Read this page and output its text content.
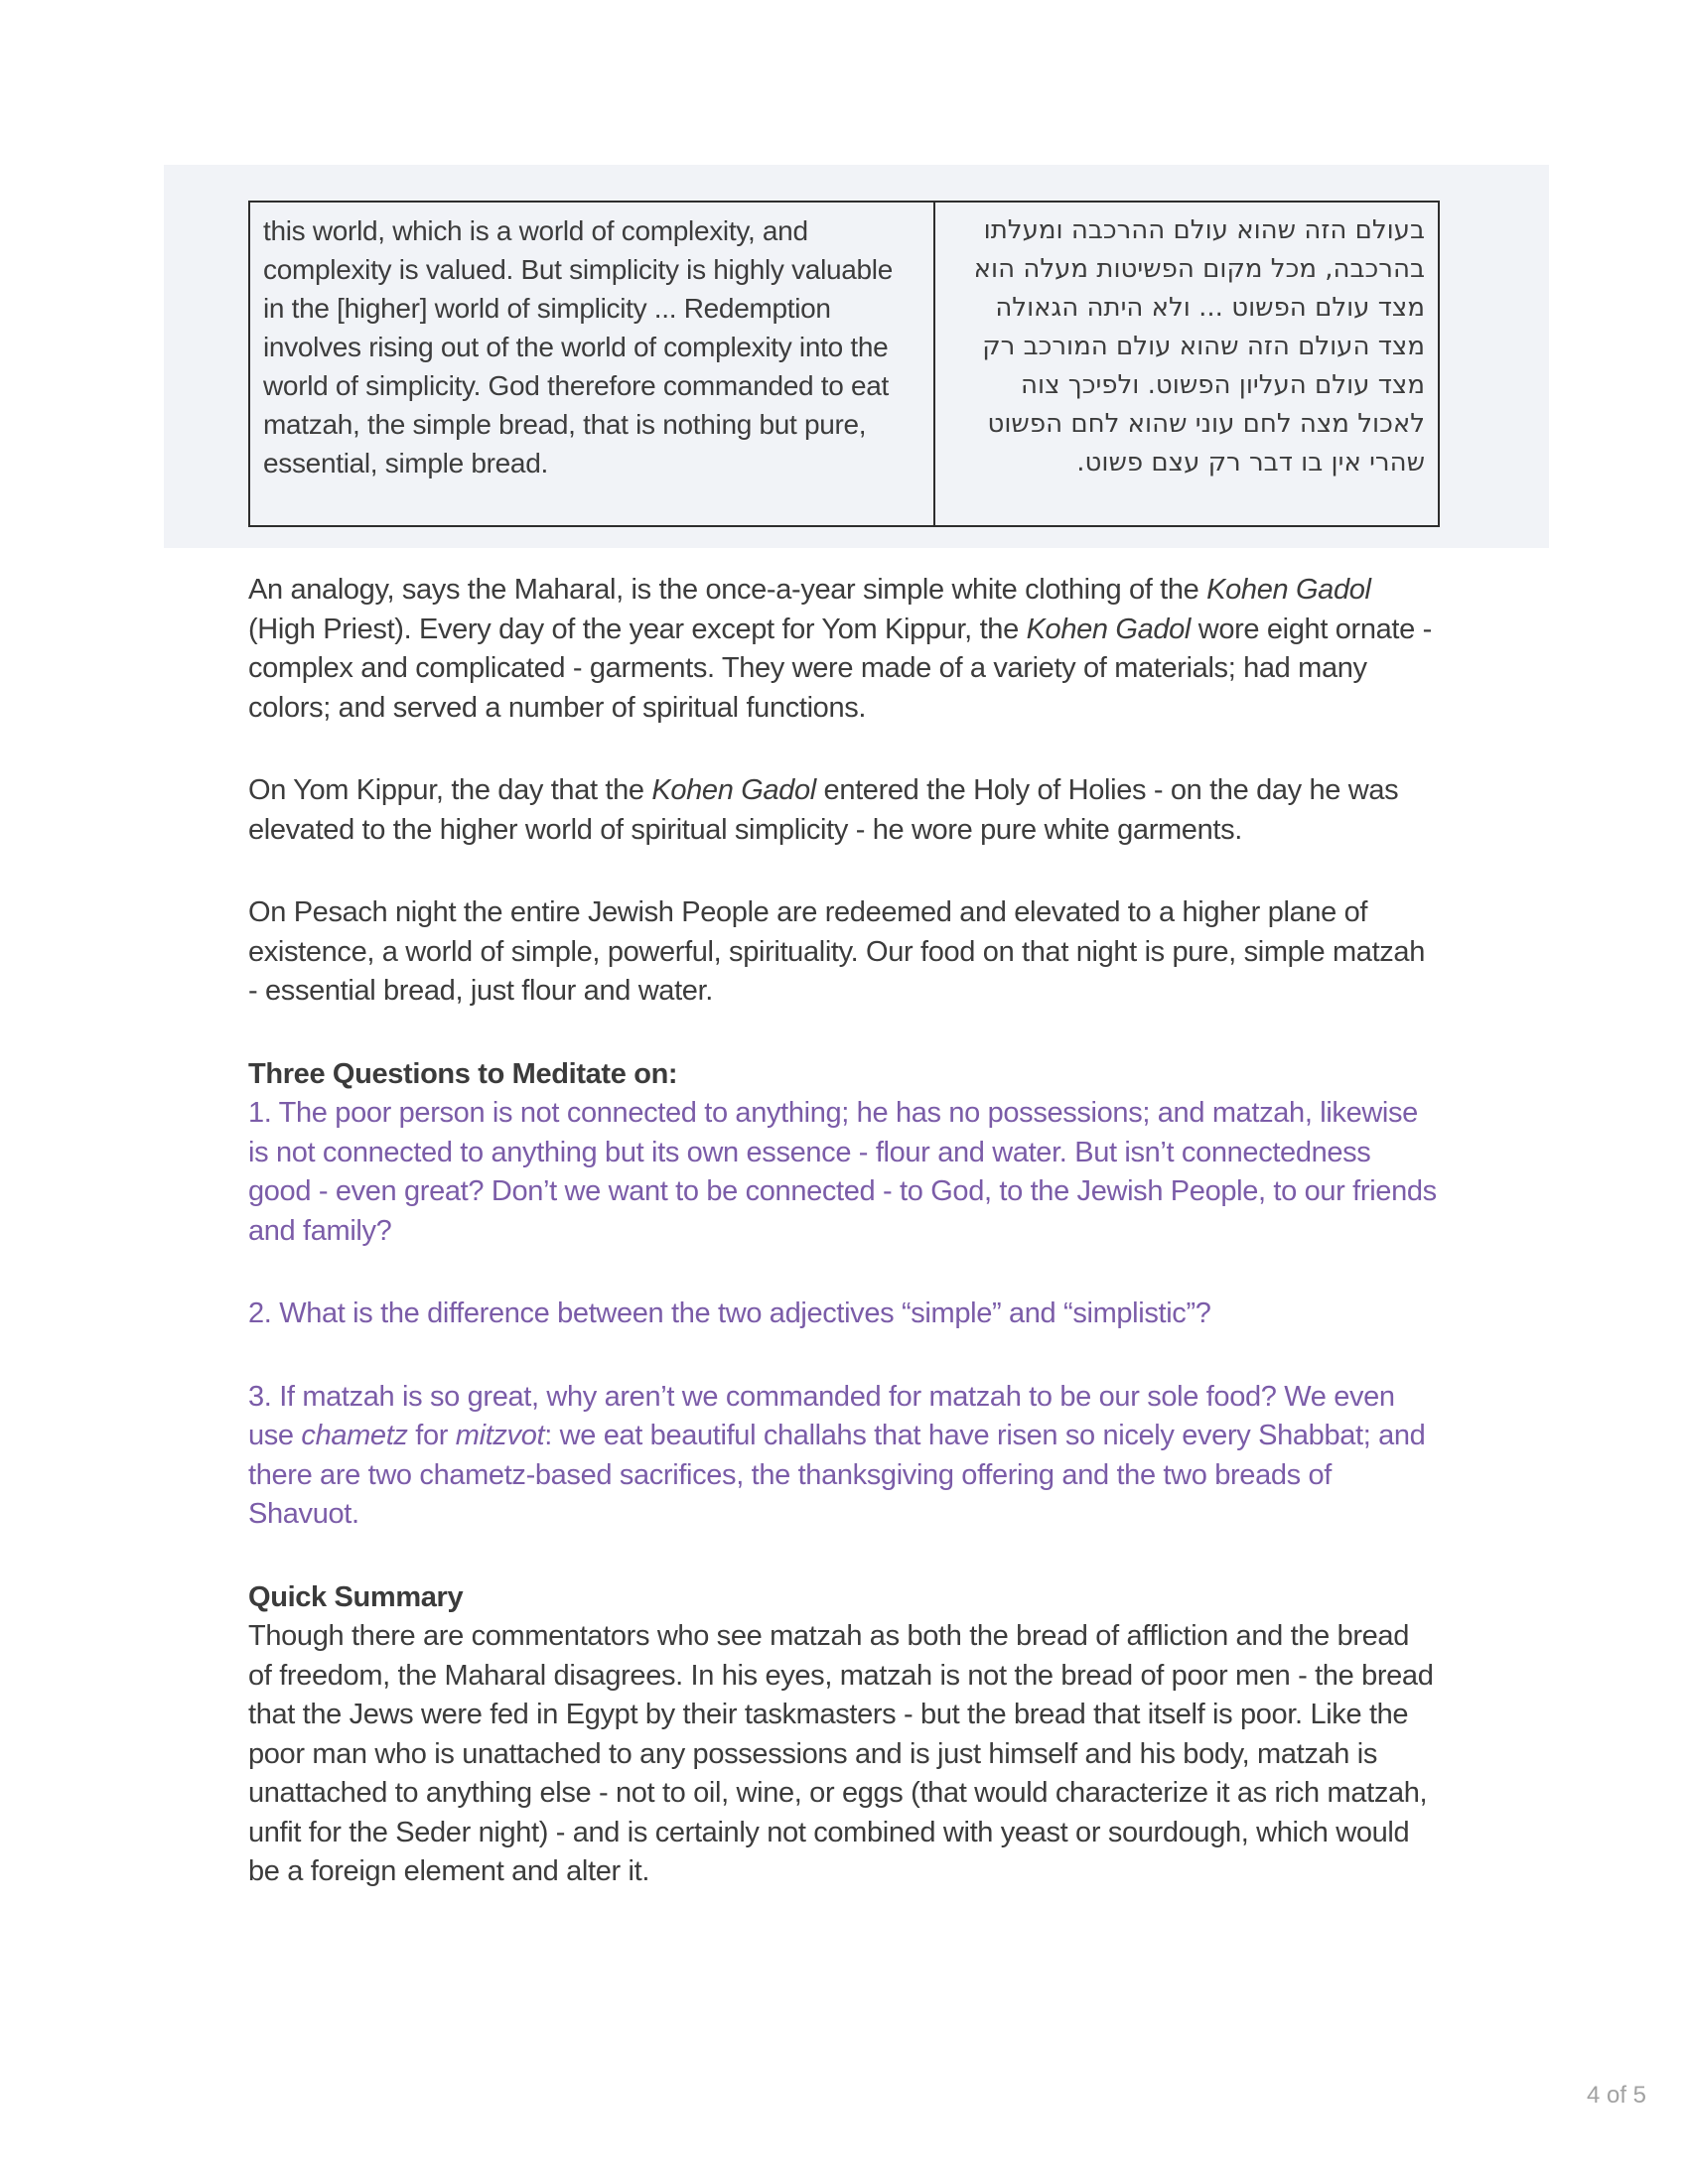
this world, which is a world of complexity, and complexity is valued. But simplicity is highly valuable in the [higher] world of simplicity ... Redemption involves rising out of the world of complexity into the world of simplicity. God therefore commanded to eat matzah, the simple bread, that is nothing but pure, essential, simple bread.
בעולם הזה שהוא עולם ההרכבה ומעלתו בהרכבה, מכל מקום הפשיטות מעלה הוא מצד עולם הפשוט ... ולא היתה הגאולה מצד העולם הזה שהוא עולם המורכב רק מצד עולם העליון הפשוט. ולפיכך צוה לאכול מצה לחם עוני שהוא לחם הפשוט שהרי אין בו דבר רק עצם פשוט.

An analogy, says the Maharal, is the once-a-year simple white clothing of the Kohen Gadol (High Priest). Every day of the year except for Yom Kippur, the Kohen Gadol wore eight ornate - complex and complicated - garments. They were made of a variety of materials; had many colors; and served a number of spiritual functions.

On Yom Kippur, the day that the Kohen Gadol entered the Holy of Holies - on the day he was elevated to the higher world of spiritual simplicity - he wore pure white garments.

On Pesach night the entire Jewish People are redeemed and elevated to a higher plane of existence, a world of simple, powerful, spirituality. Our food on that night is pure, simple matzah - essential bread, just flour and water.

Three Questions to Meditate on:

1. The poor person is not connected to anything; he has no possessions; and matzah, likewise is not connected to anything but its own essence - flour and water. But isn’t connectedness good - even great? Don’t we want to be connected - to God, to the Jewish People, to our friends and family?

2. What is the difference between the two adjectives “simple” and “simplistic”?

3. If matzah is so great, why aren’t we commanded for matzah to be our sole food? We even use chametz for mitzvot: we eat beautiful challahs that have risen so nicely every Shabbat; and there are two chametz-based sacrifices, the thanksgiving offering and the two breads of Shavuot.

Quick Summary

Though there are commentators who see matzah as both the bread of affliction and the bread of freedom, the Maharal disagrees. In his eyes, matzah is not the bread of poor men - the bread that the Jews were fed in Egypt by their taskmasters - but the bread that itself is poor. Like the poor man who is unattached to any possessions and is just himself and his body, matzah is unattached to anything else - not to oil, wine, or eggs (that would characterize it as rich matzah, unfit for the Seder night) - and is certainly not combined with yeast or sourdough, which would be a foreign element and alter it.

4 of 5
